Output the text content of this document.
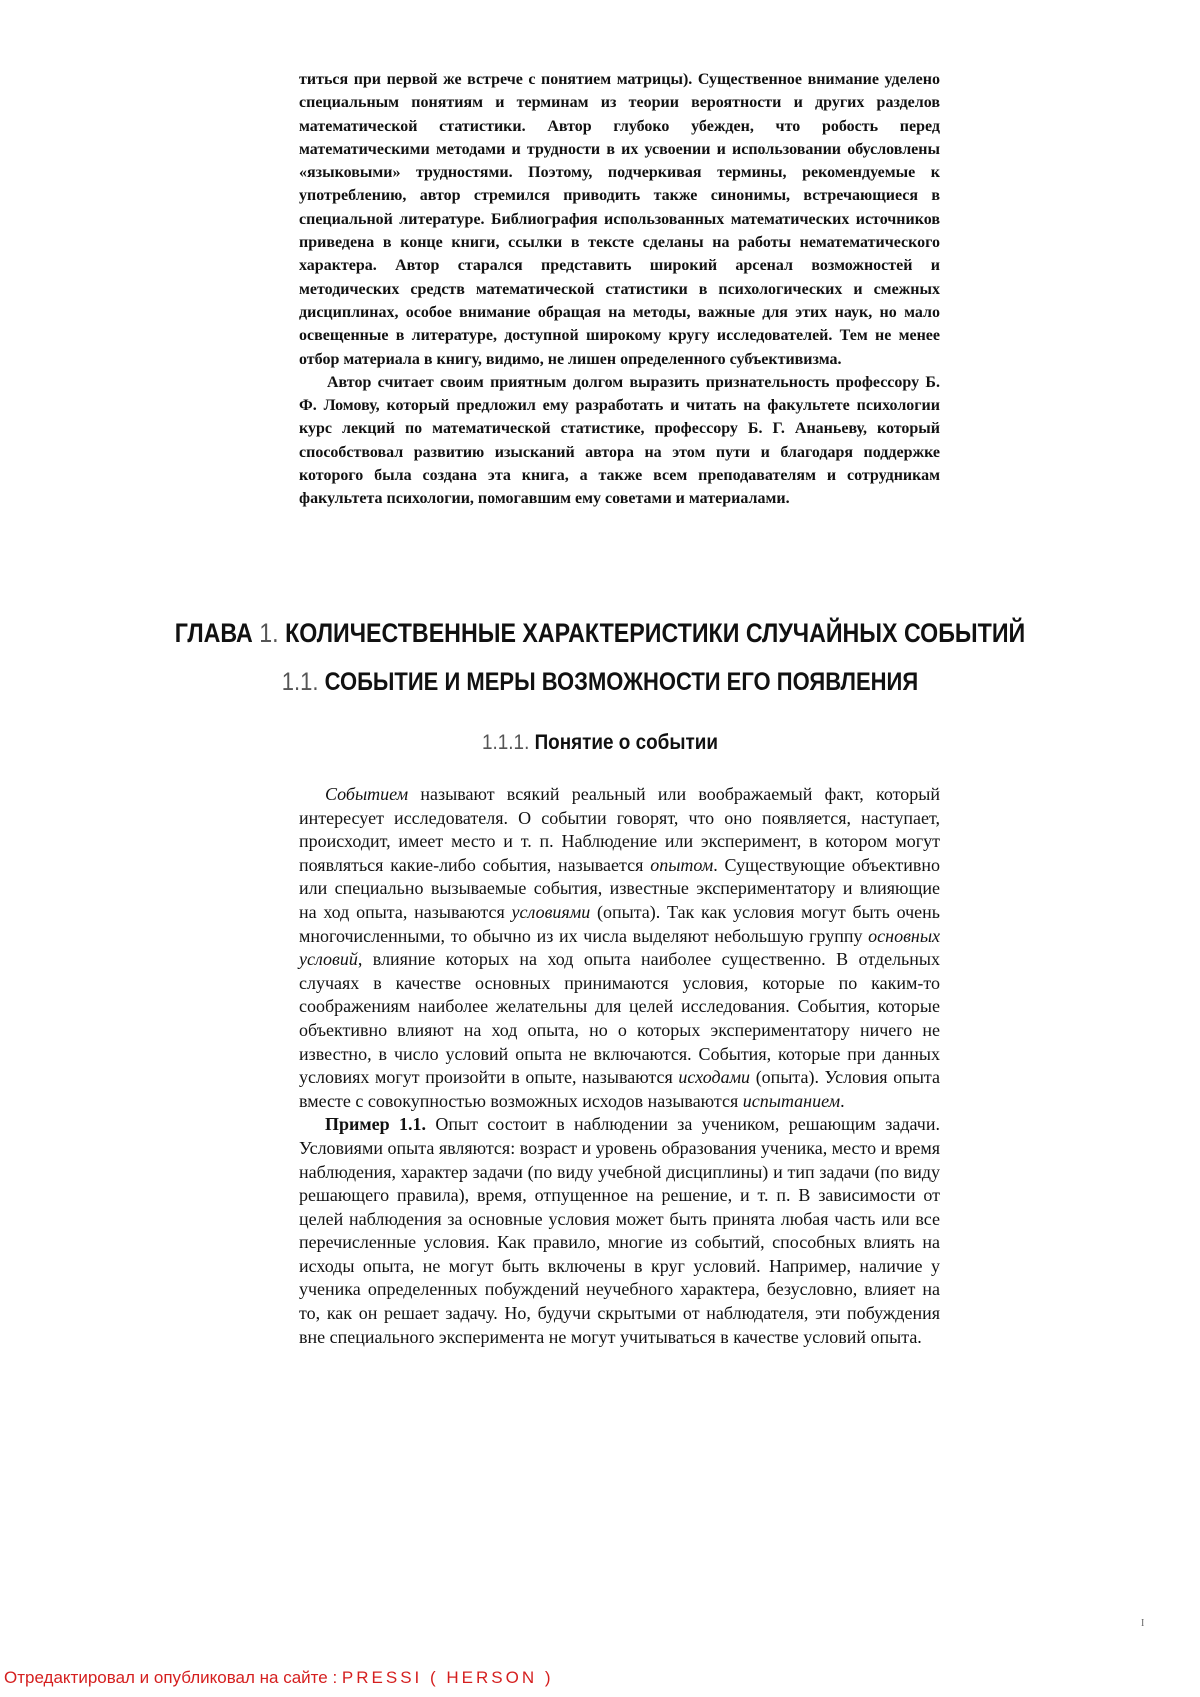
титься при первой же встрече с понятием матрицы). Существенное внимание уделено специальным понятиям и терминам из теории вероятности и других разделов математической статистики. Автор глубоко убежден, что робость перед математическими методами и трудности в их усвоении и использовании обусловлены «языковыми» трудностями. Поэтому, подчеркивая термины, рекомендуемые к употреблению, автор стремился приводить также синонимы, встречающиеся в специальной литературе. Библиография использованных математических источников приведена в конце книги, ссылки в тексте сделаны на работы нематематического характера. Автор старался представить широкий арсенал возможностей и методических средств математической статистики в психологических и смежных дисциплинах, особое внимание обращая на методы, важные для этих наук, но мало освещенные в литературе, доступной широкому кругу исследователей. Тем не менее отбор материала в книгу, видимо, не лишен определенного субъективизма.

Автор считает своим приятным долгом выразить признательность профессору Б. Ф. Ломову, который предложил ему разработать и читать на факультете психологии курс лекций по математической статистике, профессору Б. Г. Ананьеву, который способствовал развитию изысканий автора на этом пути и благодаря поддержке которого была создана эта книга, а также всем преподавателям и сотрудникам факультета психологии, помогавшим ему советами и материалами.

ГЛАВА 1. КОЛИЧЕСТВЕННЫЕ ХАРАКТЕРИСТИКИ СЛУЧАЙНЫХ СОБЫТИЙ
1.1. СОБЫТИЕ И МЕРЫ ВОЗМОЖНОСТИ ЕГО ПОЯВЛЕНИЯ
1.1.1. Понятие о событии

Событием называют всякий реальный или воображаемый факт, который интересует исследователя. О событии говорят, что оно появляется, наступает, происходит, имеет место и т. п. Наблюдение или эксперимент, в котором могут появляться какие-либо события, называется опытом. Существующие объективно или специально вызываемые события, известные экспериментатору и влияющие на ход опыта, называются условиями (опыта). Так как условия могут быть очень многочисленными, то обычно из их числа выделяют небольшую группу основных условий, влияние которых на ход опыта наиболее существенно. В отдельных случаях в качестве основных принимаются условия, которые по каким-то соображениям наиболее желательны для целей исследования. События, которые объективно влияют на ход опыта, но о которых экспериментатору ничего не известно, в число условий опыта не включаются. События, которые при данных условиях могут произойти в опыте, называются исходами (опыта). Условия опыта вместе с совокупностью возможных исходов называются испытанием.

Пример 1.1. Опыт состоит в наблюдении за учеником, решающим задачи. Условиями опыта являются: возраст и уровень образования ученика, место и время наблюдения, характер задачи (по виду учебной дисциплины) и тип задачи (по виду решающего правила), время, отпущенное на решение, и т. п. В зависимости от целей наблюдения за основные условия может быть принята любая часть или все перечисленные условия. Как правило, многие из событий, способных влиять на исходы опыта, не могут быть включены в круг условий. Например, наличие у ученика определенных побуждений неучебного характера, безусловно, влияет на то, как он решает задачу. Но, будучи скрытыми от наблюдателя, эти побуждения вне специального эксперимента не могут учитываться в качестве условий опыта.

I

Отредактировал и опубликовал на сайте : PRESSI ( HERSON )
